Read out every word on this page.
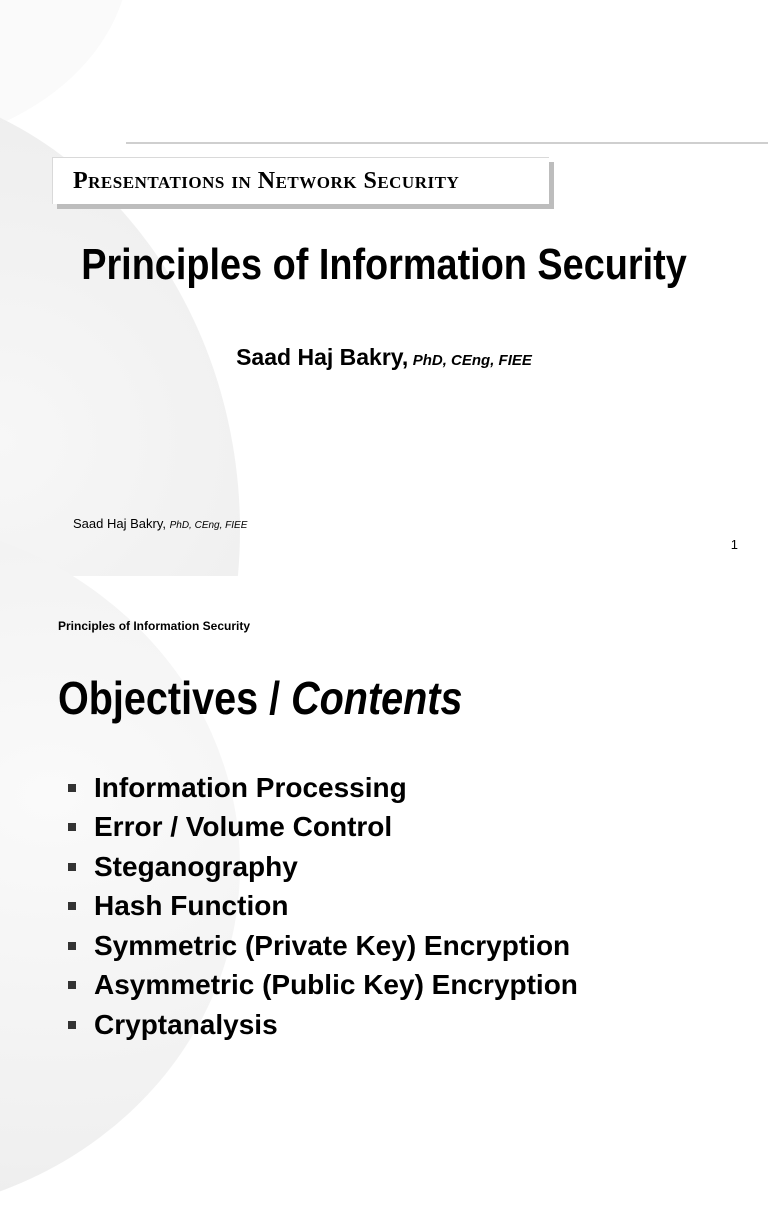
Presentations in Network Security
Principles of Information Security
Saad Haj Bakry, PhD, CEng, FIEE
Saad Haj Bakry, PhD, CEng, FIEE
1
Principles of Information Security
Objectives / Contents
Information Processing
Error / Volume Control
Steganography
Hash Function
Symmetric (Private Key) Encryption
Asymmetric (Public Key) Encryption
Cryptanalysis
